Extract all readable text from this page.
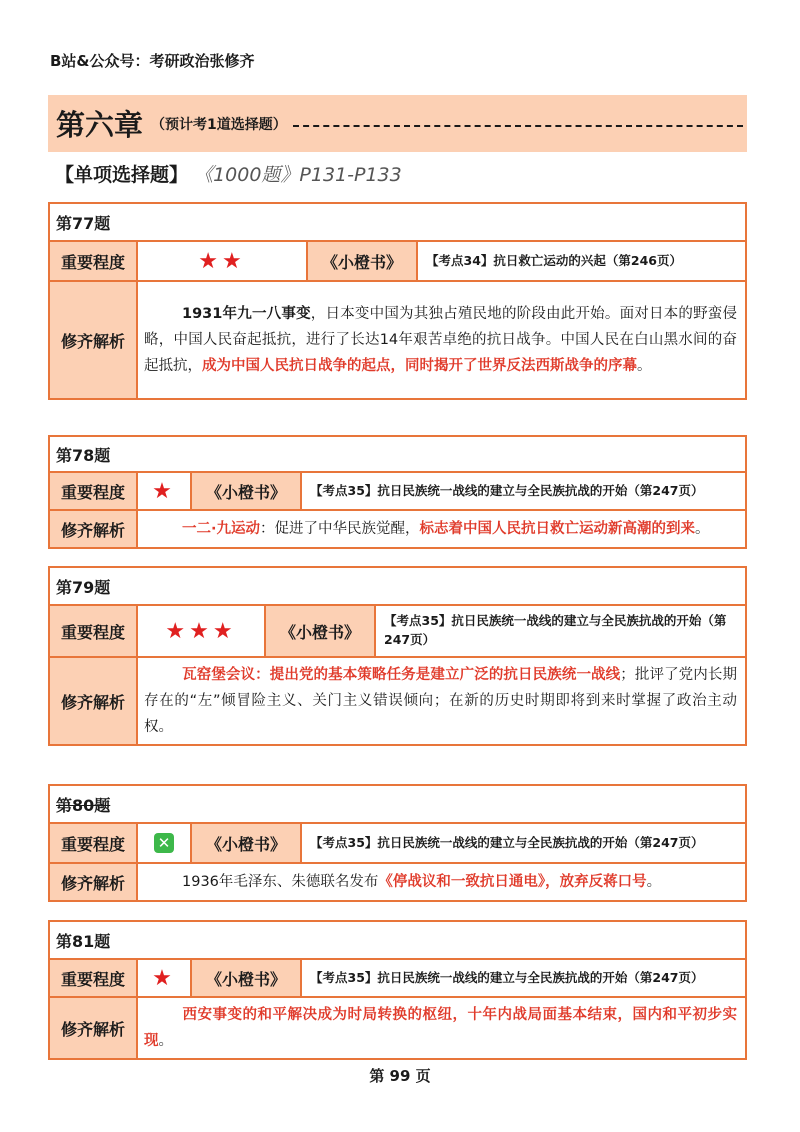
B站&公众号：考研政治张修齐
第六章 （预计考1道选择题）
【单项选择题】 《1000题》P131-P133
第77题			
重要程度	★★	《小橙书》	【考点34】抗日救亡运动的兴起（第246页）
修齐解析	1931年九一八事变，日本变中国为其独占殖民地的阶段由此开始。面对日本的野蛮侵略，中国人民奋起抵抗，进行了长达14年艰苦卓绝的抗日战争。中国人民在白山黑水间的奋起抵抗，成为中国人民抗日战争的起点，同时揭开了世界反法西斯战争的序幕。		
第78题			
重要程度	★	《小橙书》	【考点35】抗日民族统一战线的建立与全民族抗战的开始（第247页）
修齐解析	一二·九运动：促进了中华民族觉醒，标志着中国人民抗日救亡运动新高潮的到来。		
第79题			
重要程度	★★★	《小橙书》	【考点35】抗日民族统一战线的建立与全民族抗战的开始（第247页）
修齐解析	瓦窑堡会议：提出党的基本策略任务是建立广泛的抗日民族统一战线；批评了党内长期存在的“左”倾冒险主义、关门主义错误倾向；在新的历史时期即将到来时掌握了政治主动权。		
第80题			
重要程度	✕	《小橙书》	【考点35】抗日民族统一战线的建立与全民族抗战的开始（第247页）
修齐解析	1936年毛泽东、朱德联名发布《停战议和一致抗日通电》，放弃反蒋口号。		
第81题			
重要程度	★	《小橙书》	【考点35】抗日民族统一战线的建立与全民族抗战的开始（第247页）
修齐解析	西安事变的和平解决成为时局转换的枢纽，十年内战局面基本结束，国内和平初步实现。		
第 99 页
